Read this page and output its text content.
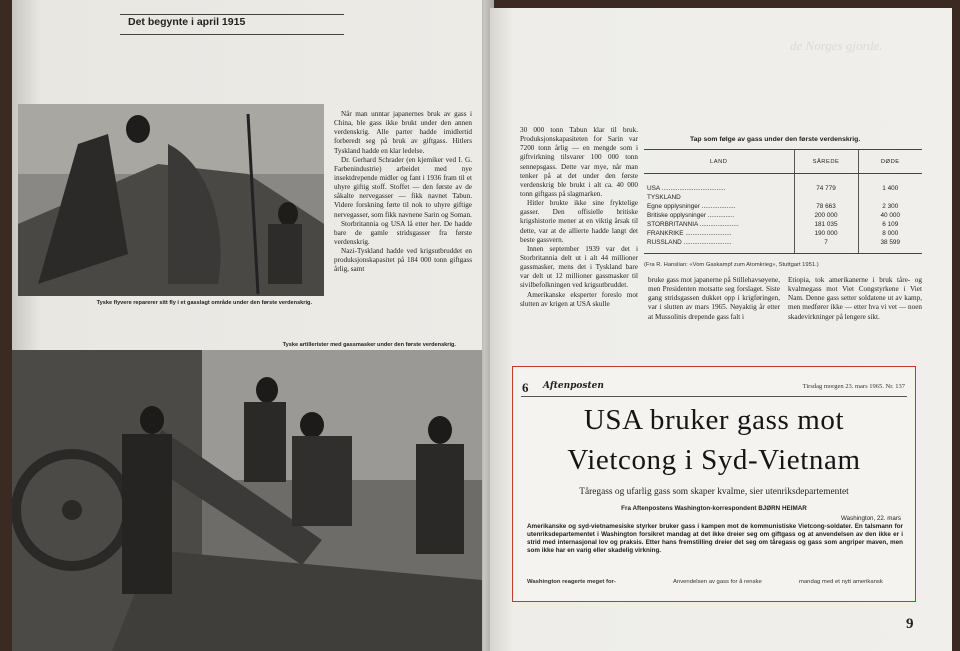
Det begynte i april 1915
Tyske flyvere reparerer sitt fly i et gasslagt område under den første verdenskrig.
Tyske artillerister med gassmasker under den første verdenskrig.

Når man unntar japanernes bruk av gass i China, ble gass ikke brukt under den annen verdenskrig. Alle parter hadde imidlertid forberedt seg på bruk av giftgass. Hitlers Tyskland hadde en klar ledelse.

Dr. Gerhard Schrader (en kjemiker ved I. G. Farbenindustrie) arbeidet med nye insektdrepende midler og fant i 1936 fram til et uhyre giftig stoff. Stoffet — den første av de såkalte nervegasser — fikk navnet Tabun. Videre forskning førte til nok to uhyre giftige nervegasser, som fikk navnene Sarin og Soman.

Storbritannia og USA lå etter her. De hadde bare de gamle stridsgasser fra første verdenskrig.

Nazi-Tyskland hadde ved krigsutbruddet en produksjonskapasitet på 184 000 tonn giftgass årlig, samt

de Norges gjorde.

30 000 tonn Tabun klar til bruk. Produksjonskapasiteten for Sarin var 7200 tonn årlig — en mengde som i giftvirkning tilsvarer 100 000 tonn sennepsgass. Dette var mye, når man tenker på at det under den første verdenskrig ble brukt i alt ca. 40 000 tonn giftgass på slagmarken.

Hitler brukte ikke sine fryktelige gasser. Den offisielle britiske krigshistorie mener at en viktig årsak til dette, var at de allierte hadde langt det beste gassvern.

Innen september 1939 var det i Storbritannia delt ut i alt 44 millioner gassmasker, mens det i Tyskland bare var delt ut 12 millioner gassmasker til sivilbefolkningen ved krigsutbruddet.

Amerikanske eksperter foreslo mot slutten av krigen at USA skulle

Tap som følge av gass under den første verdenskrig.
LAND	SÅREDE	DØDE
USA ....................................	74 779	1 400
TYSKLAND		
Egne opplysninger ...................	78 663	2 300
Britiske opplysninger ...............	200 000	40 000
STORBRITANNIA ......................	181 035	6 109
FRANKRIKE ..........................	190 000	8 000
RUSSLAND ...........................	7	38 599
(Fra R. Hanslian: «Vom Gaskampf zum Atomkrieg», Stuttgart 1951.)

bruke gass mot japanerne på Stillehavsøyene, men Presidenten motsatte seg forslaget. Siste gang stridsgassen dukket opp i krigføringen, var i slutten av mars 1965. Nøyaktig år etter at Mussolinis drepende gass falt i

Etiopia, tok amerikanerne i bruk tåre- og kvalmegass mot Viet Congstyrkene i Viet Nam. Denne gass setter soldatene ut av kamp, men medfører ikke — etter hva vi vet — noen skadevirkninger på lengere sikt.

6 Aftenposten	Tirsdag morgen 23. mars 1965. Nr. 137
USA bruker gass mot
Vietcong i Syd-Vietnam
Tåregass og ufarlig gass som skaper kvalme, sier utenriksdepartementet
Fra Aftenpostens Washington-korrespondent BJØRN HEIMAR
Washington, 22. mars
Amerikanske og syd-vietnamesiske styrker bruker gass i kampen mot de kommunistiske Vietcong-soldater. En talsmann for utenriksdepartementet i Washington forsikret mandag at det ikke dreier seg om giftgass og at anvendelsen av den ikke er i strid med internasjonal lov og praksis. Etter hans fremstilling dreier det seg om tåregass og gass som angriper maven, men som ikke har en varig eller skadelig virkning.
Washington reagerte meget for-	Anvendelsen av gass for å renske	mandag med et nytt amerikansk
9
